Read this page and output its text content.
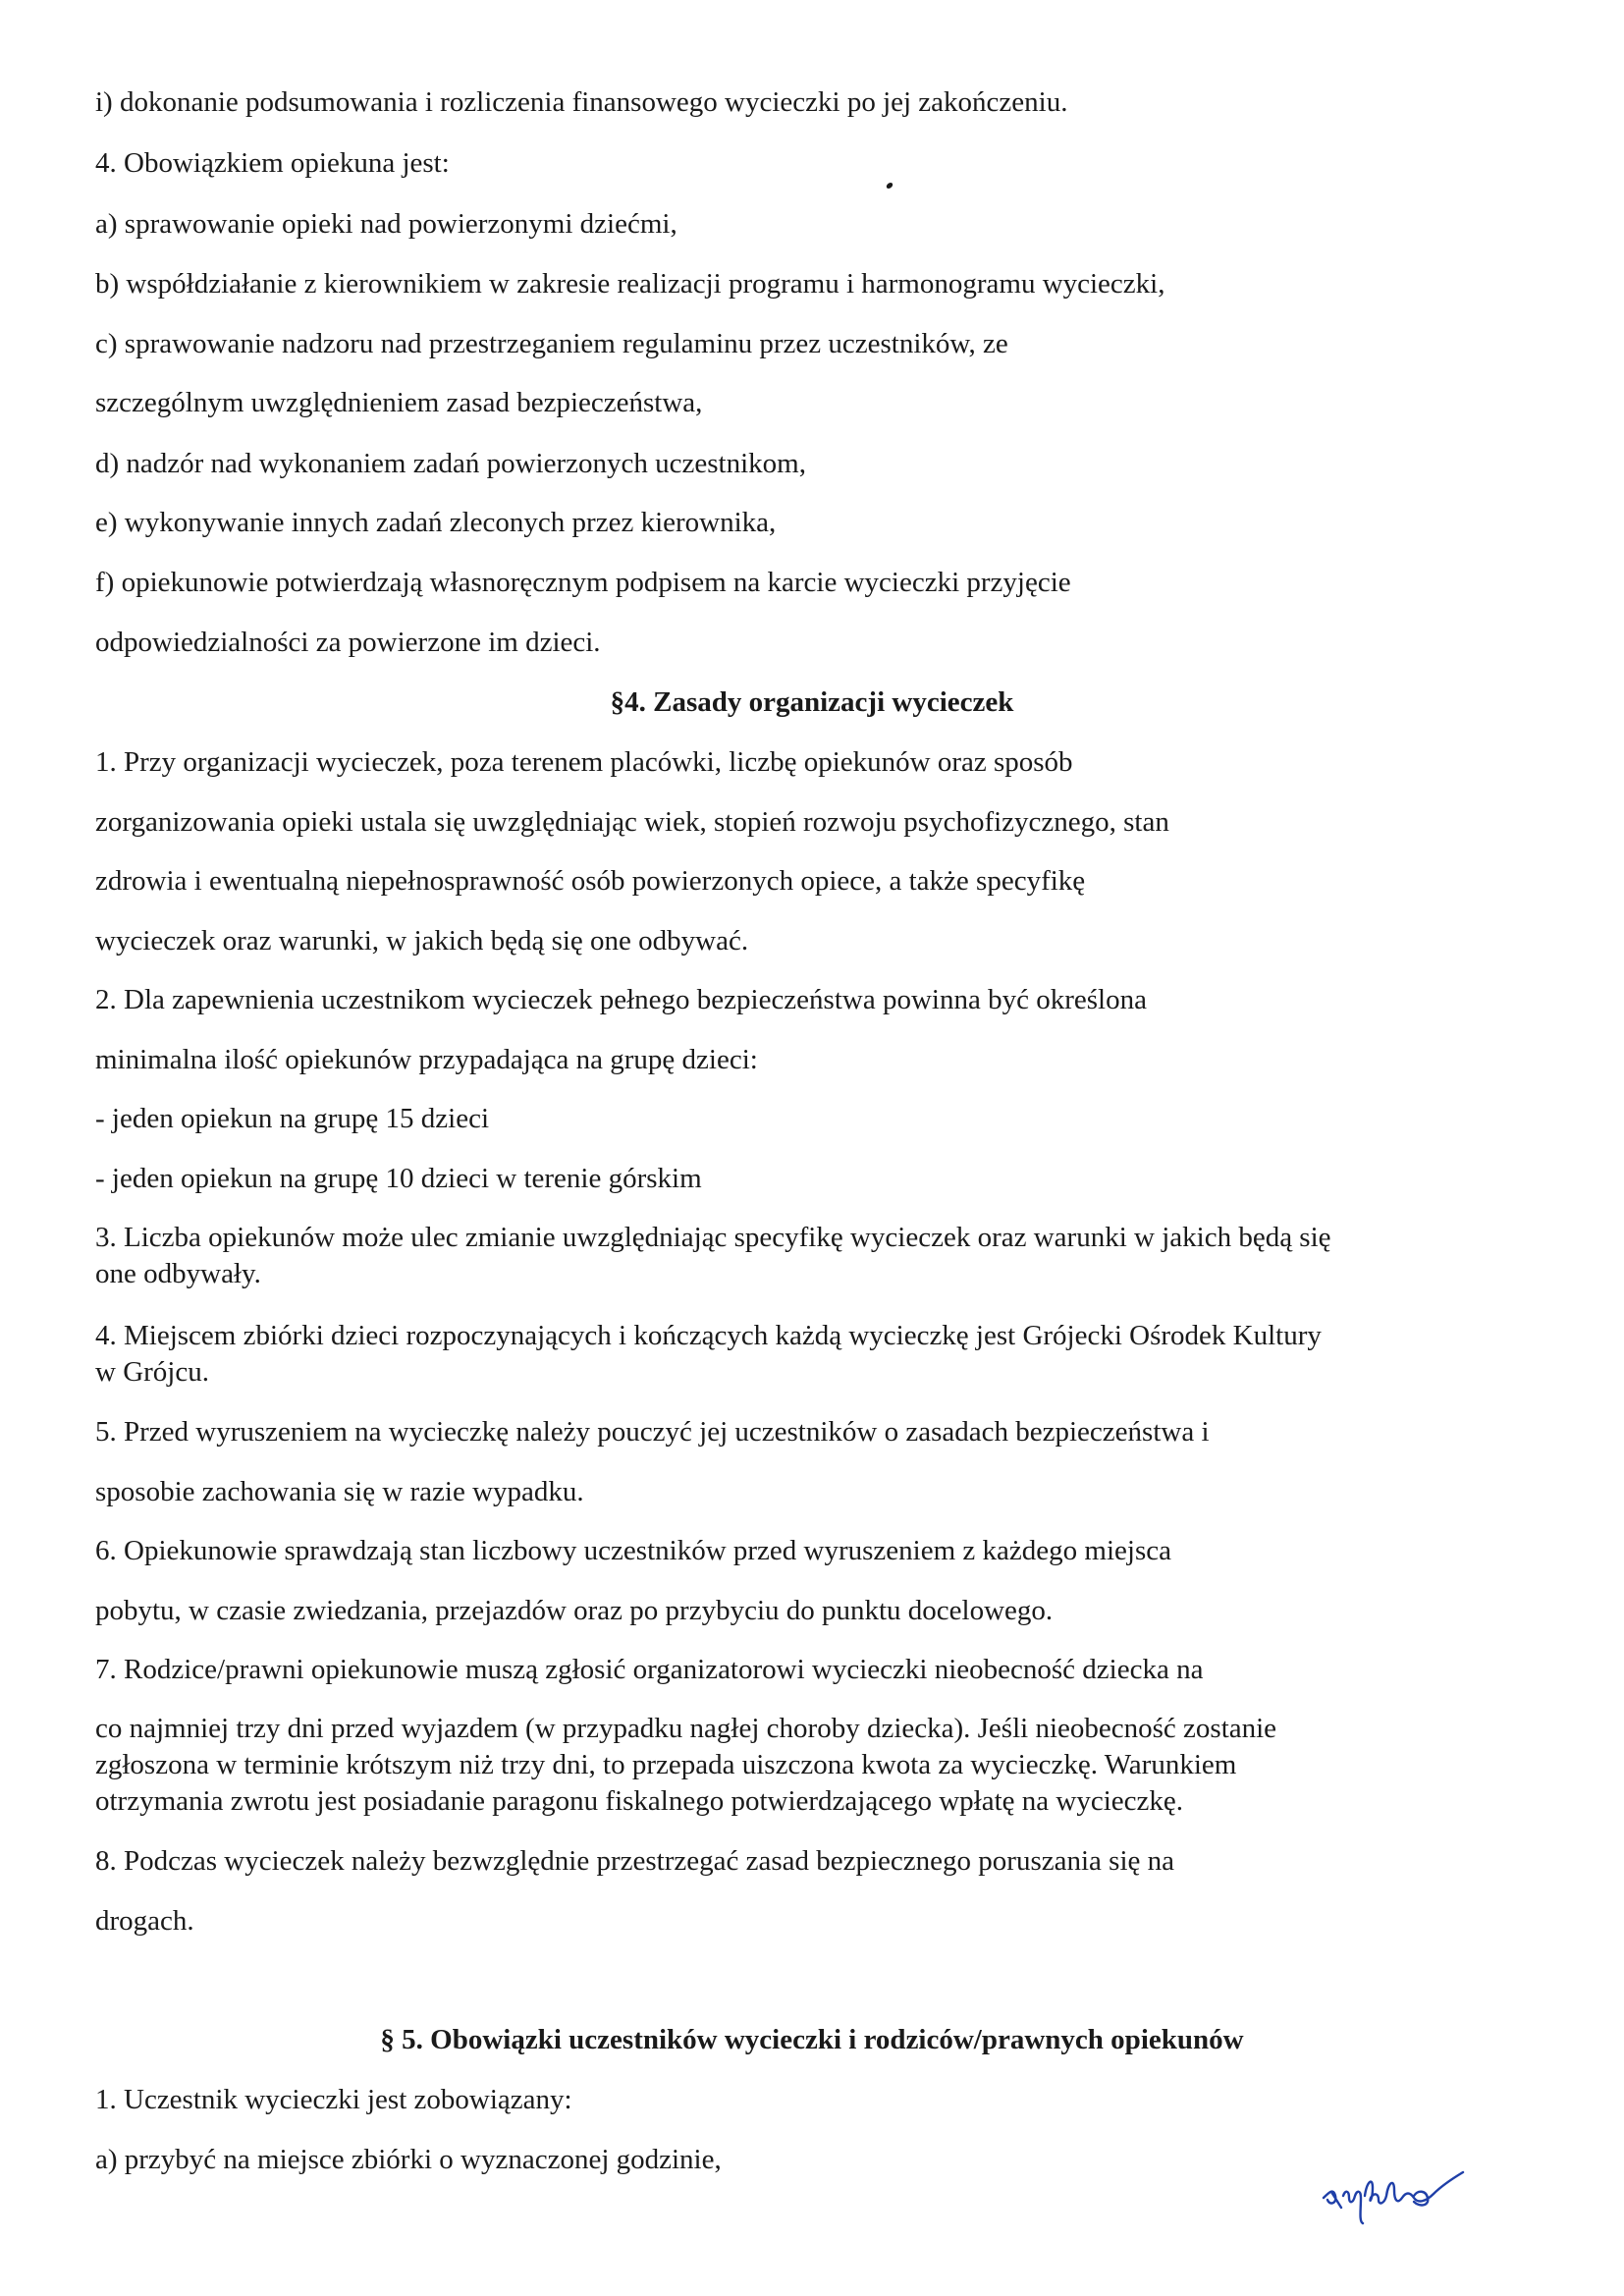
i) dokonanie podsumowania i rozliczenia finansowego wycieczki po jej zakończeniu.
4. Obowiązkiem opiekuna jest:
a) sprawowanie opieki nad powierzonymi dziećmi,
b) współdziałanie z kierownikiem w zakresie realizacji programu i harmonogramu wycieczki,
c) sprawowanie nadzoru nad przestrzeganiem regulaminu przez uczestników, ze
szczególnym uwzględnieniem zasad bezpieczeństwa,
d) nadzór nad wykonaniem zadań powierzonych uczestnikom,
e) wykonywanie innych zadań zleconych przez kierownika,
f) opiekunowie potwierdzają własnoręcznym podpisem na karcie wycieczki przyjęcie
odpowiedzialności za powierzone im dzieci.
§4. Zasady organizacji wycieczek
1. Przy organizacji wycieczek, poza terenem placówki, liczbę opiekunów oraz sposób
zorganizowania opieki ustala się uwzględniając wiek, stopień rozwoju psychofizycznego, stan
zdrowia i ewentualną niepełnosprawność osób powierzonych opiece, a także specyfikę
wycieczek oraz warunki, w jakich będą się one odbywać.
2. Dla zapewnienia uczestnikom wycieczek pełnego bezpieczeństwa powinna być określona
minimalna ilość opiekunów przypadająca na grupę dzieci:
- jeden opiekun na grupę 15 dzieci
- jeden opiekun na grupę 10 dzieci w terenie górskim
3. Liczba opiekunów może ulec zmianie uwzględniając specyfikę wycieczek oraz warunki w jakich będą się
one odbywały.
4. Miejscem zbiórki dzieci rozpoczynających i kończących każdą wycieczkę jest Grójecki Ośrodek Kultury
w Grójcu.
5. Przed wyruszeniem na wycieczkę należy pouczyć jej uczestników o zasadach bezpieczeństwa i
sposobie zachowania się w razie wypadku.
6. Opiekunowie sprawdzają stan liczbowy uczestników przed wyruszeniem z każdego miejsca
pobytu, w czasie zwiedzania, przejazdów oraz po przybyciu do punktu docelowego.
7. Rodzice/prawni opiekunowie muszą zgłosić organizatorowi wycieczki nieobecność dziecka na
co najmniej trzy dni przed wyjazdem (w przypadku nagłej choroby dziecka). Jeśli nieobecność zostanie
zgłoszona w terminie krótszym niż trzy dni, to przepada uiszczona kwota za wycieczkę. Warunkiem
otrzymania zwrotu jest posiadanie paragonu fiskalnego potwierdzającego wpłatę na wycieczkę.
8. Podczas wycieczek należy bezwzględnie przestrzegać zasad bezpiecznego poruszania się na
drogach.
§ 5. Obowiązki uczestników wycieczki i rodziców/prawnych opiekunów
1. Uczestnik wycieczki jest zobowiązany:
a) przybyć na miejsce zbiórki o wyznaczonej godzinie,
